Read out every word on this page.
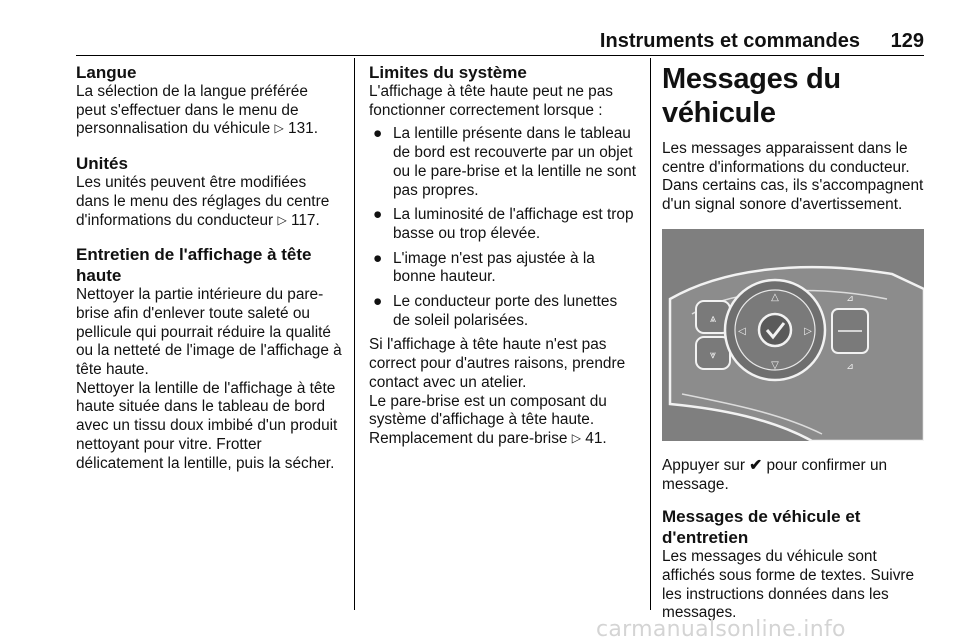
Instruments et commandes	129

Langue

La sélection de la langue préférée peut s'effectuer dans le menu de personnalisation du véhicule ▷ 131.

Unités

Les unités peuvent être modifiées dans le menu des réglages du centre d'informations du conducteur ▷ 117.

Entretien de l'affichage à tête haute

Nettoyer la partie intérieure du pare-brise afin d'enlever toute saleté ou pellicule qui pourrait réduire la qualité ou la netteté de l'image de l'affichage à tête haute.

Nettoyer la lentille de l'affichage à tête haute située dans le tableau de bord avec un tissu doux imbibé d'un produit nettoyant pour vitre. Frotter délicatement la lentille, puis la sécher.

Limites du système

L'affichage à tête haute peut ne pas fonctionner correctement lorsque :

● La lentille présente dans le tableau de bord est recouverte par un objet ou le pare-brise et la lentille ne sont pas propres.
● La luminosité de l'affichage est trop basse ou trop élevée.
● L'image n'est pas ajustée à la bonne hauteur.
● Le conducteur porte des lunettes de soleil polarisées.

Si l'affichage à tête haute n'est pas correct pour d'autres raisons, prendre contact avec un atelier.

Le pare-brise est un composant du système d'affichage à tête haute. Remplacement du pare-brise ▷ 41.

Messages du véhicule

Les messages apparaissent dans le centre d'informations du conducteur. Dans certains cas, ils s'accompagnent d'un signal sonore d'avertissement.

⩓
⩔
△
▽
◁	▷
⊿
⊿

Appuyer sur ✔ pour confirmer un message.

Messages de véhicule et d'entretien

Les messages du véhicule sont affichés sous forme de textes. Suivre les instructions données dans les messages.

carmanualsonline.info
